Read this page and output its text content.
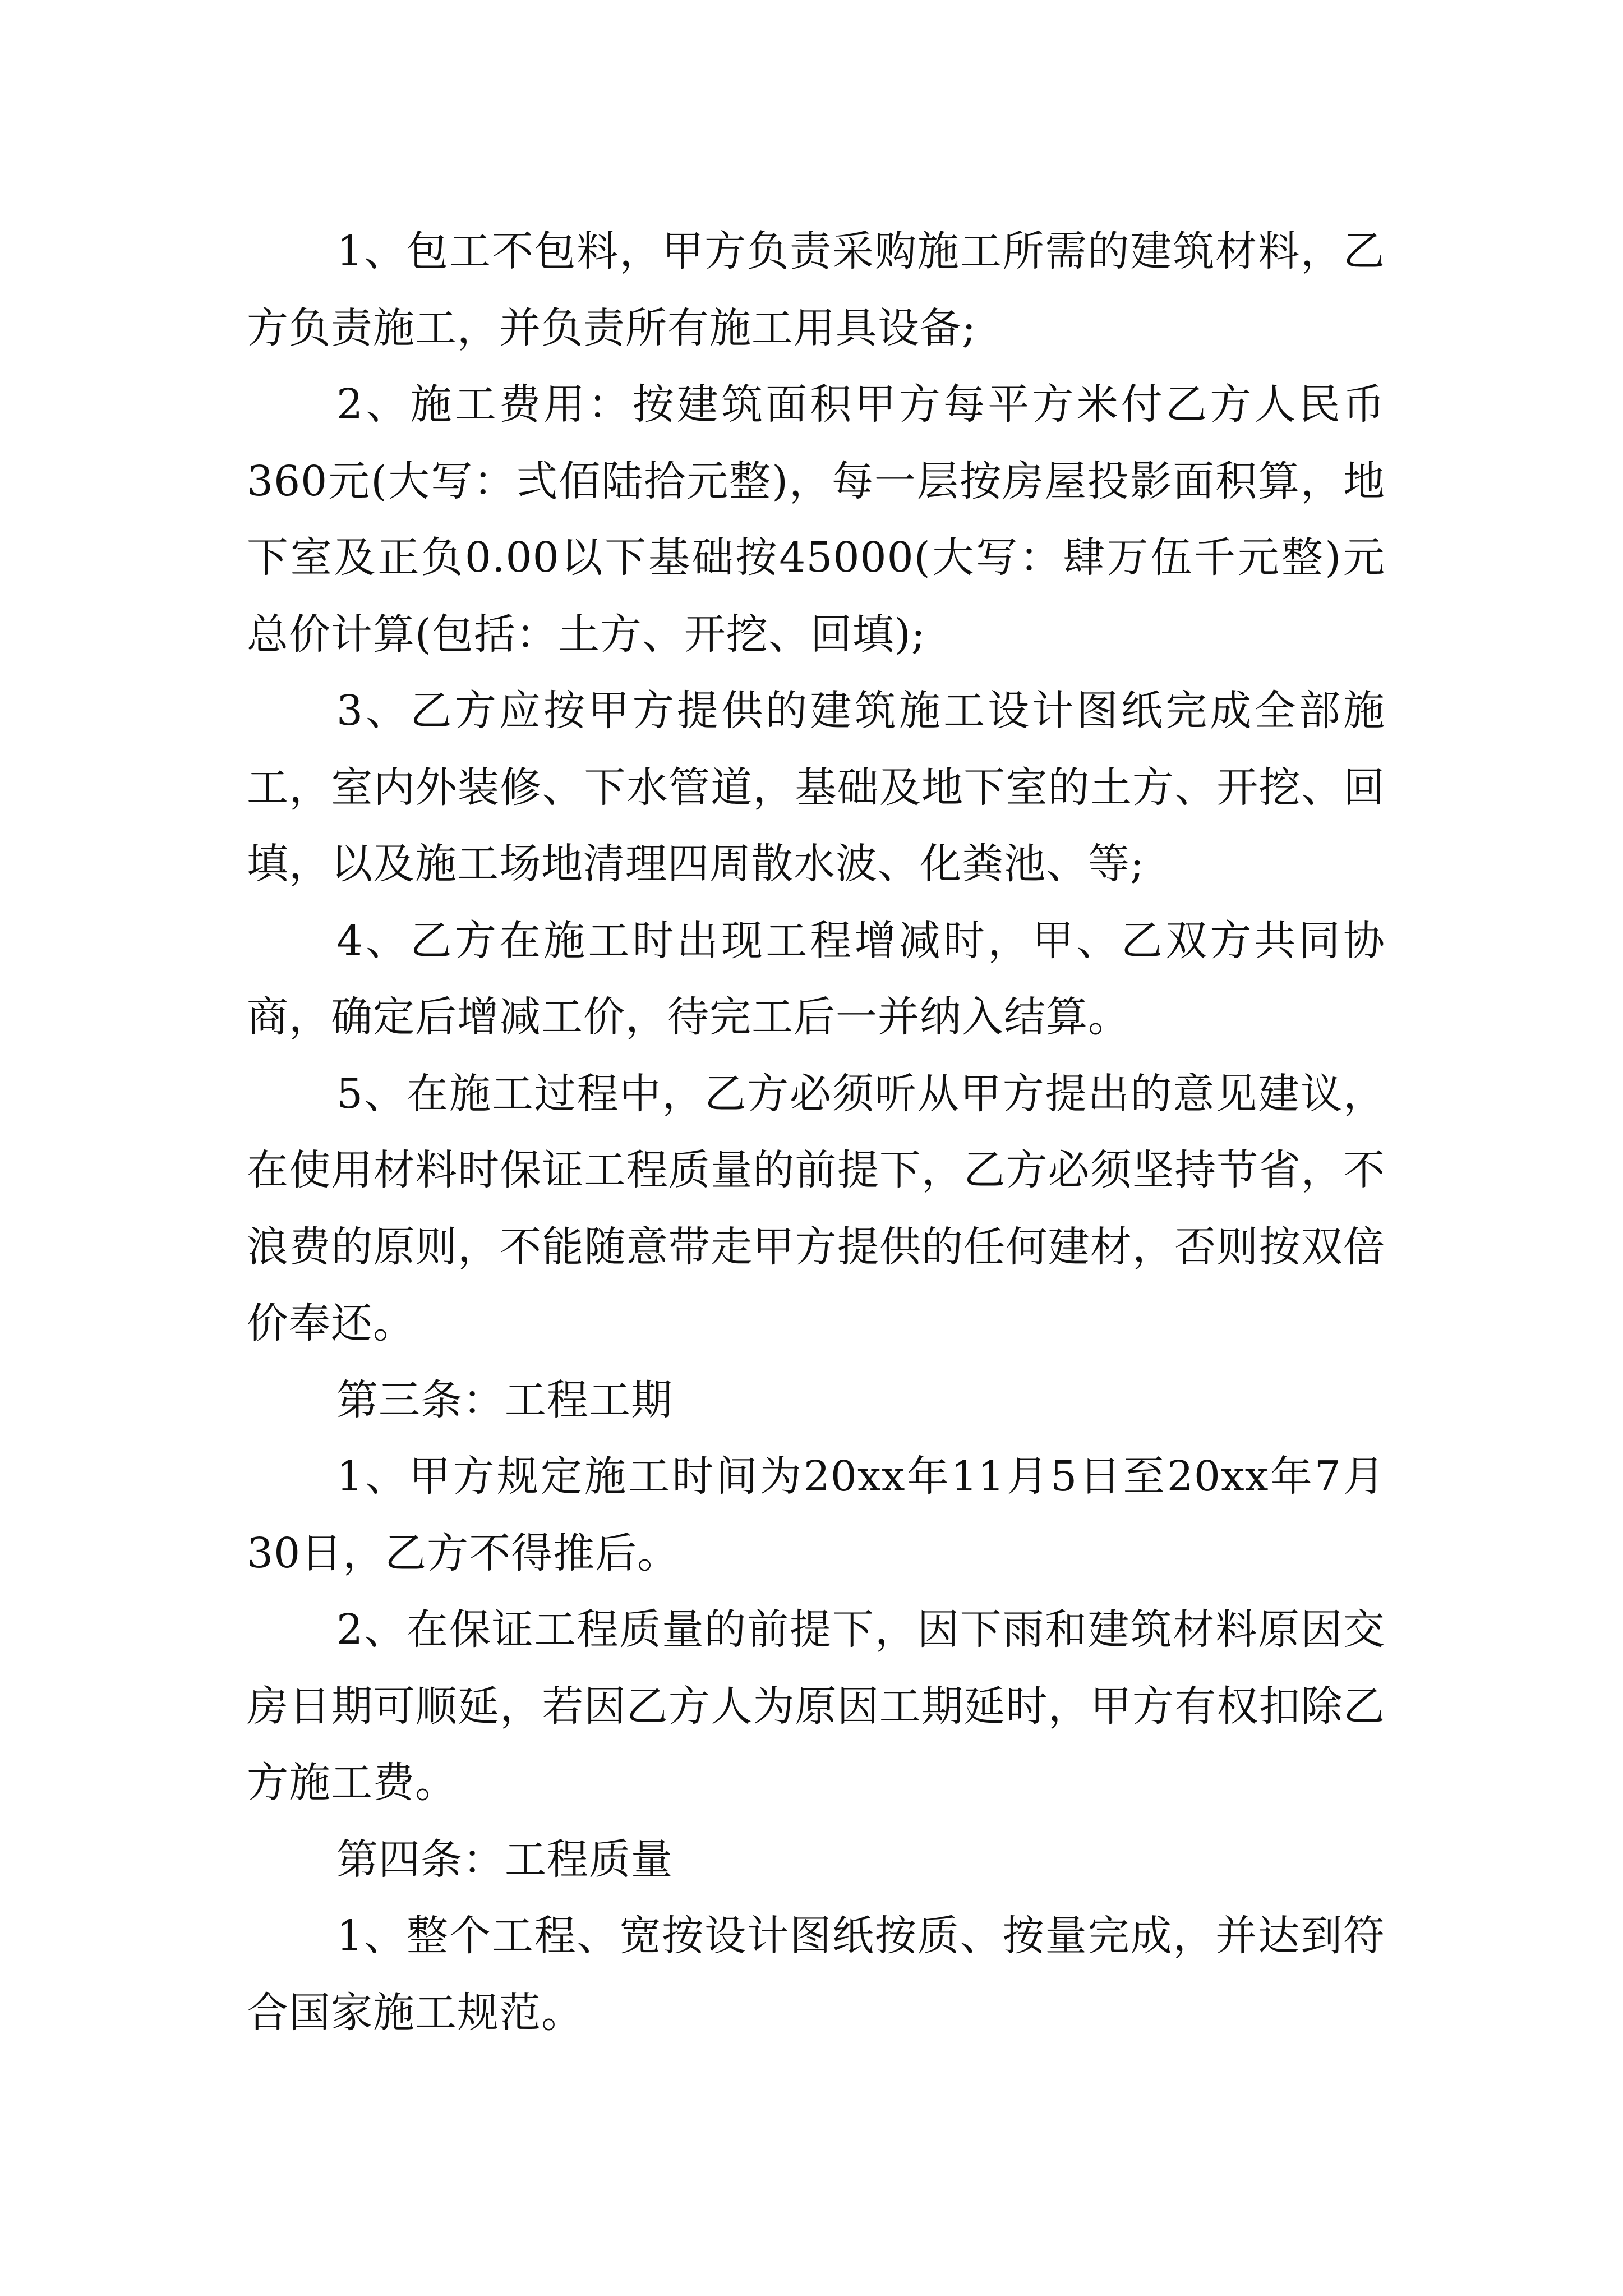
1、包工不包料，甲方负责采购施工所需的建筑材料，乙方负责施工，并负责所有施工用具设备;

2、施工费用：按建筑面积甲方每平方米付乙方人民币360元(大写：弍佰陆拾元整)，每一层按房屋投影面积算，地下室及正负0.00以下基础按45000(大写：肆万伍千元整)元总价计算(包括：土方、开挖、回填);

3、乙方应按甲方提供的建筑施工设计图纸完成全部施工，室内外装修、下水管道，基础及地下室的土方、开挖、回填，以及施工场地清理四周散水波、化粪池、等;

4、乙方在施工时出现工程增减时，甲、乙双方共同协商，确定后增减工价，待完工后一并纳入结算。

5、在施工过程中，乙方必须听从甲方提出的意见建议，在使用材料时保证工程质量的前提下，乙方必须坚持节省，不浪费的原则，不能随意带走甲方提供的任何建材，否则按双倍价奉还。

第三条：工程工期

1、甲方规定施工时间为20xx年11月5日至20xx年7月30日，乙方不得推后。

2、在保证工程质量的前提下，因下雨和建筑材料原因交房日期可顺延，若因乙方人为原因工期延时，甲方有权扣除乙方施工费。

第四条：工程质量

1、整个工程、宽按设计图纸按质、按量完成，并达到符合国家施工规范。
